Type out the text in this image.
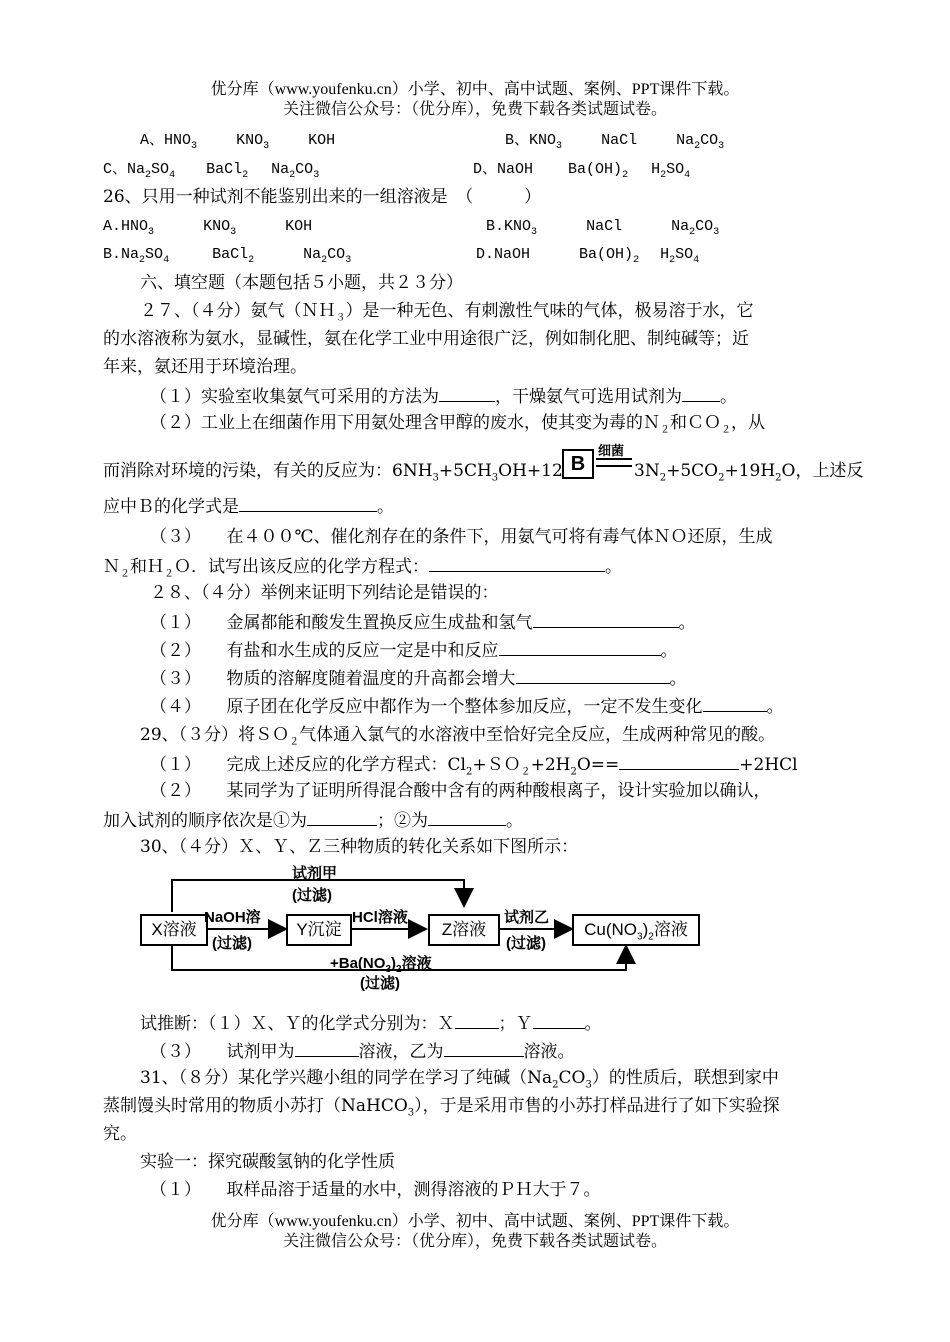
优分库（www.youfenku.cn）小学、初中、高中试题、案例、PPT课件下载。
关注微信公众号：（优分库），免费下载各类试题试卷。
A、$HNO_3$	$KNO_3$	KOH	B、$KNO_3$	NaCl	$Na_2CO_3$
C、$Na_2SO_4$ BaCl$_2$ $Na_2CO_3$	D、NaOH $Ba(OH)_2$ $H_2SO_4$
26、只用一种试剂不能鉴别出来的一组溶液是　（　　　）
$A.HNO_3$	$KNO_3$	KOH	$B.KNO_3$	NaCl	$Na_2CO_3$
$B.Na_2SO_4$	BaCl$_2$	$Na_2CO_3$	D.NaOH	$Ba(OH)_2$ $H_2SO_4$
六、填空题（本题包括５小题，共２３分）
２７、（４分）氨气（ＮＨ$_3$）是一种无色、有刺激性气味的气体，极易溶于水，它
的水溶液称为氨水，显碱性，氨在化学工业中用途很广泛，例如制化肥、制纯碱等；近
年来，氨还用于环境治理。
（１）实验室收集氨气可采用的方法为	，干燥氨气可选用试剂为 。
（２）工业上在细菌作用下用氨处理含甲醇的废水，使其变为毒的Ｎ$_2$和ＣＯ$_2$，从
而消除对环境的污染，有关的反应为：$6NH_3+5CH_3OH+12$ B
细菌
$3N_2+5CO_2+19H_2O$，上述反
应中Ｂ的化学式是	。
（３）　　在４００℃、催化剂存在的条件下，用氨气可将有毒气体ＮＯ还原，生成
Ｎ$_2$和Ｈ$_2$Ｏ．试写出该反应的化学方程式：	。
２８、（４分）举例来证明下列结论是错误的：
（１）　　金属都能和酸发生置换反应生成盐和氢气	。
（２）　　有盐和水生成的反应一定是中和反应	。
（３）　　物质的溶解度随着温度的升高都会增大	。
（４）　　原子团在化学反应中都作为一个整体参加反应，一定不发生变化	。
29、（３分）将ＳＯ$_2$气体通入氯气的水溶液中至恰好完全反应，生成两种常见的酸。
（１）　　完成上述反应的化学方程式：$Cl_2+SO_2+2H_2O==$	+2HCl
（２）　　某同学为了证明所得混合酸中含有的两种酸根离子，设计实验加以确认，
加入试剂的顺序依次是①为	；②为	。
30、（４分）Ｘ、Ｙ、Ｚ三种物质的转化关系如下图所示：
X溶液	Y沉淀	Z溶液	$Cu(NO_3)_2$溶液
试剂甲
(过滤)
NaOH溶
(过滤)
HCl溶液	试剂乙
(过滤)
$+Ba(NO_3)_2$溶液
(过滤)
试推断：（１）Ｘ、Ｙ的化学式分别为：Ｘ	；Ｙ	。
（３）　　试剂甲为	溶液，乙为	溶液。
31、（８分）某化学兴趣小组的同学在学习了纯碱$(Na_2CO_3)$的性质后，联想到家中
蒸制馒头时常用的物质小苏打（NaHCO$_3$），于是采用市售的小苏打样品进行了如下实验探
究。
实验一：探究碳酸氢钠的化学性质
（１）　　取样品溶于适量的水中，测得溶液的ＰＨ大于７。
优分库（www.youfenku.cn）小学、初中、高中试题、案例、PPT课件下载。
关注微信公众号：（优分库），免费下载各类试题试卷。
